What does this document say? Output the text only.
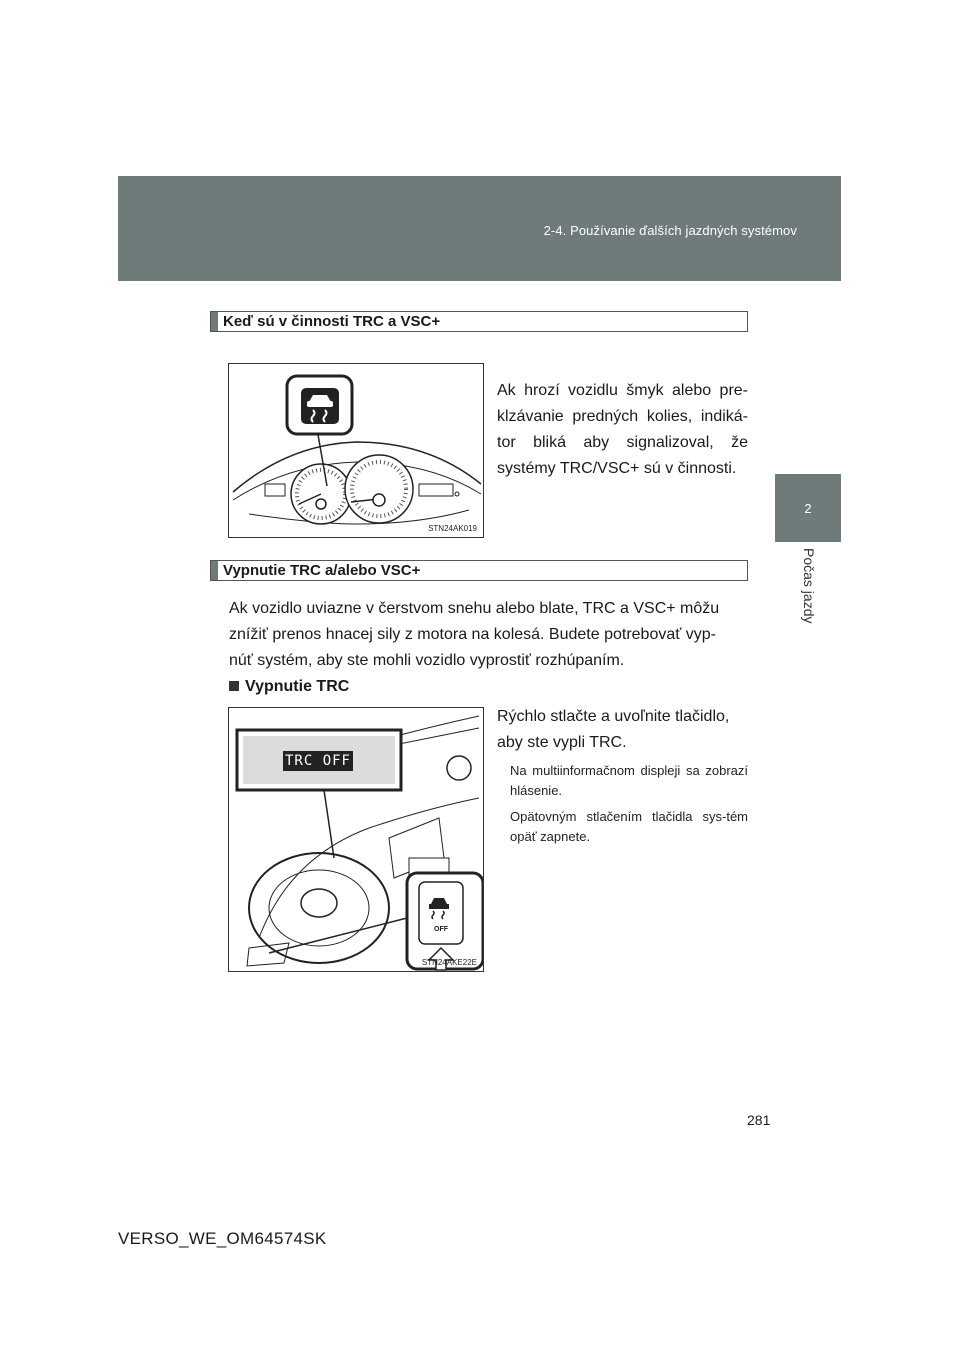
2-4. Používanie ďalších jazdných systémov
2
Počas jazdy
Keď sú v činnosti TRC a VSC+
STN24AK019
Ak hrozí vozidlu šmyk alebo pre-klzávanie predných kolies, indiká-tor bliká aby signalizoval, že systémy TRC/VSC+ sú v činnosti.
Vypnutie TRC a/alebo VSC+
Ak vozidlo uviazne v čerstvom snehu alebo blate, TRC a VSC+ môžu
znížiť prenos hnacej sily z motora na kolesá. Budete potrebovať vyp-
núť systém, aby ste mohli vozidlo vyprostiť rozhúpaním.
Vypnutie TRC
TRC OFF
OFF
STN24AKE22E
Rýchlo stlačte a uvoľnite tlačidlo, aby ste vypli TRC.
Na multiinformačnom displeji sa zobrazí hlásenie.
Opätovným stlačením tlačidla sys-tém opäť zapnete.
281
VERSO_WE_OM64574SK
